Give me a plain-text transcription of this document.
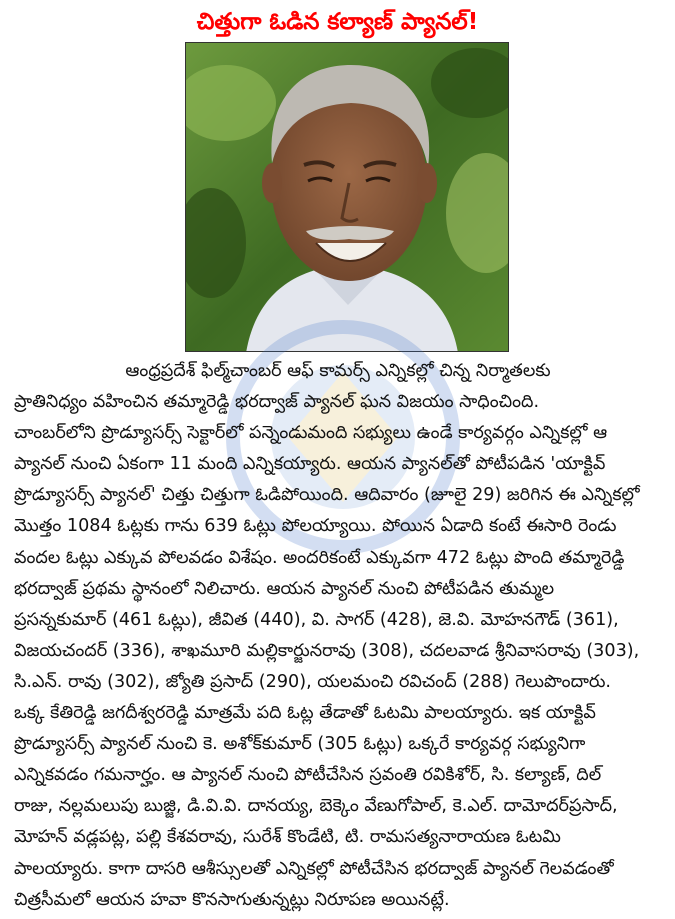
చిత్తుగా ఓడిన కల్యాణ్ ప్యానల్!
ఆంధ్రప్రదేశ్ ఫిల్మ్‌చాంబర్ ఆఫ్ కామర్స్ ఎన్నికల్లో చిన్న నిర్మాతలకు
ప్రాతినిధ్యం వహించిన తమ్మారెడ్డి భరద్వాజ్ ప్యానల్ ఘన విజయం సాధించింది.
చాంబర్‌లోని ప్రొడ్యూసర్స్ సెక్టార్‌లో పన్నెండుమంది సభ్యులు ఉండే కార్యవర్గం ఎన్నికల్లో ఆ
ప్యానల్ నుంచి ఏకంగా 11 మంది ఎన్నికయ్యారు. ఆయన ప్యానల్‌తో పోటీపడిన 'యాక్టివ్
ప్రొడ్యూసర్స్ ప్యానల్' చిత్తు చిత్తుగా ఓడిపోయింది. ఆదివారం (జూలై 29) జరిగిన ఈ ఎన్నికల్లో
మొత్తం 1084 ఓట్లకు గాను 639 ఓట్లు పోలయ్యాయి. పోయిన ఏడాది కంటే ఈసారి రెండు
వందల ఓట్లు ఎక్కువ పోలవడం విశేషం. అందరికంటే ఎక్కువగా 472 ఓట్లు పొంది తమ్మారెడ్డి
భరద్వాజ్ ప్రథమ స్థానంలో నిలిచారు. ఆయన ప్యానల్ నుంచి పోటీపడిన తుమ్మల
ప్రసన్నకుమార్ (461 ఓట్లు), జీవిత (440), వి. సాగర్ (428), జె.వి. మోహనగౌడ్ (361),
విజయచందర్ (336), శాఖమూరి మల్లికార్జునరావు (308), చదలవాడ శ్రీనివాసరావు (303),
సి.ఎన్. రావు (302), జ్యోతి ప్రసాద్ (290), యలమంచి రవిచంద్ (288) గెలుపొందారు.
ఒక్క కేతిరెడ్డి జగదీశ్వరరెడ్డి మాత్రమే పది ఓట్ల తేడాతో ఓటమి పాలయ్యారు. ఇక యాక్టివ్
ప్రొడ్యూసర్స్ ప్యానల్ నుంచి కె. అశోక్‌కుమార్ (305 ఓట్లు) ఒక్కరే కార్యవర్గ సభ్యునిగా
ఎన్నికవడం గమనార్హం. ఆ ప్యానల్ నుంచి పోటీచేసిన స్రవంతి రవికిశోర్, సి. కల్యాణ్, దిల్
రాజు, నల్లమలుపు బుజ్జి, డి.వి.వి. దానయ్య, బెక్కెం వేణుగోపాల్, కె.ఎల్. దామోదర్‌ప్రసాద్,
మోహన్ వడ్లపట్ల, పల్లి కేశవరావు, సురేశ్ కొండేటి, టి. రామసత్యనారాయణ ఓటమి
పాలయ్యారు. కాగా దాసరి ఆశీస్సులతో ఎన్నికల్లో పోటీచేసిన భరద్వాజ్ ప్యానల్ గెలవడంతో
చిత్రసీమలో ఆయన హవా కొనసాగుతున్నట్లు నిరూపణ అయినట్లే.
